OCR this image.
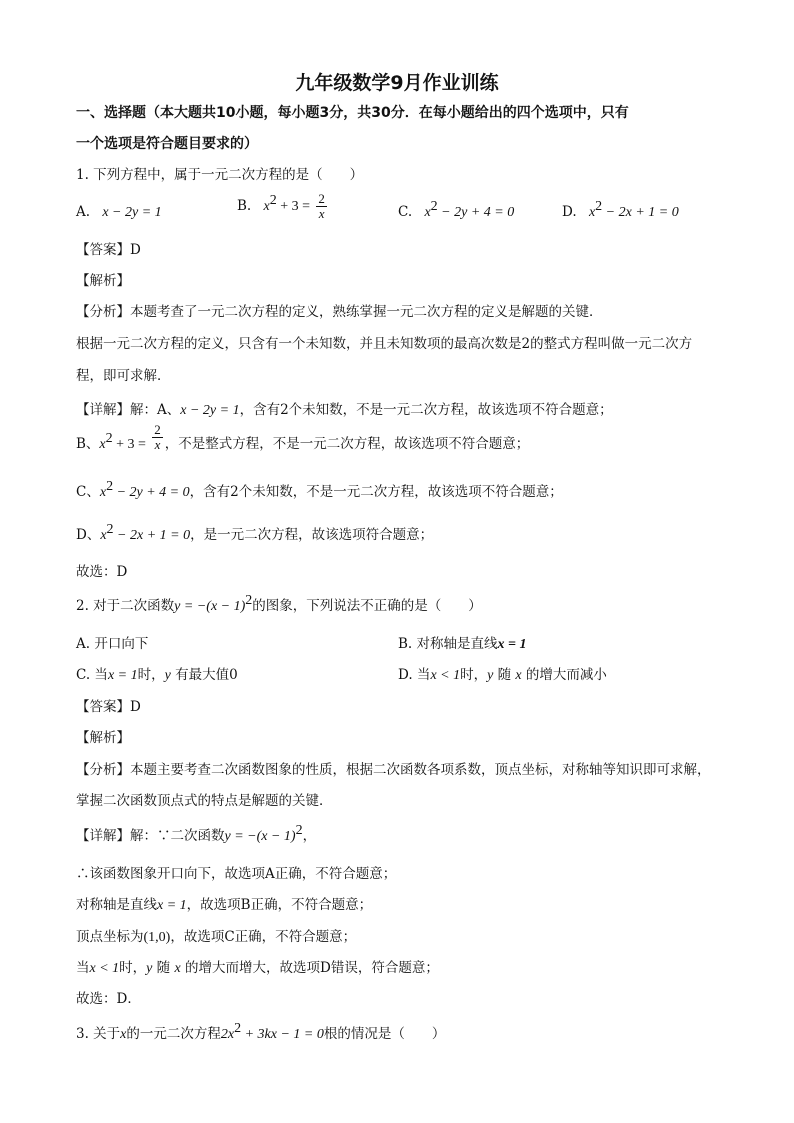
九年级数学9月作业训练
一、选择题（本大题共10小题，每小题3分，共30分．在每小题给出的四个选项中，只有
一个选项是符合题目要求的）
1. 下列方程中，属于一元二次方程的是（　　）
A. x − 2y = 1	B. $x^2 + 3 = \frac{2}{x}$	C. $x^2 - 2y + 4 = 0$	D. $x^2 - 2x + 1 = 0$
【答案】D
【解析】
【分析】本题考查了一元二次方程的定义，熟练掌握一元二次方程的定义是解题的关键．
根据一元二次方程的定义，只含有一个未知数，并且未知数项的最高次数是2的整式方程叫做一元二次方
程，即可求解．
【详解】解：A、x − 2y = 1，含有2个未知数，不是一元二次方程，故该选项不符合题意；
B、$x^2 + 3 = \frac{2}{x}$ ，不是整式方程，不是一元二次方程，故该选项不符合题意；
C、$x^2 - 2y + 4 = 0$，含有2个未知数，不是一元二次方程，故该选项不符合题意；
D、$x^2 - 2x + 1 = 0$，是一元二次方程，故该选项符合题意；
故选：D
2. 对于二次函数$y = -(x - 1)^2$的图象，下列说法不正确的是（　　）
A. 开口向下	B. 对称轴是直线x = 1
C. 当x = 1时，y 有最大值0	D. 当x < 1时，y 随 x 的增大而减小
【答案】D
【解析】
【分析】本题主要考查二次函数图象的性质，根据二次函数各项系数，顶点坐标，对称轴等知识即可求解，
掌握二次函数顶点式的特点是解题的关键．
【详解】解：∵二次函数$y = -(x - 1)^2$，
∴该函数图象开口向下，故选项A正确，不符合题意；
对称轴是直线x = 1，故选项B正确，不符合题意；
顶点坐标为(1,0)，故选项C正确，不符合题意；
当x < 1时，y 随 x 的增大而增大，故选项D错误，符合题意；
故选：D．
3. 关于x的一元二次方程$2x^2 + 3kx - 1 = 0$根的情况是（　　）
